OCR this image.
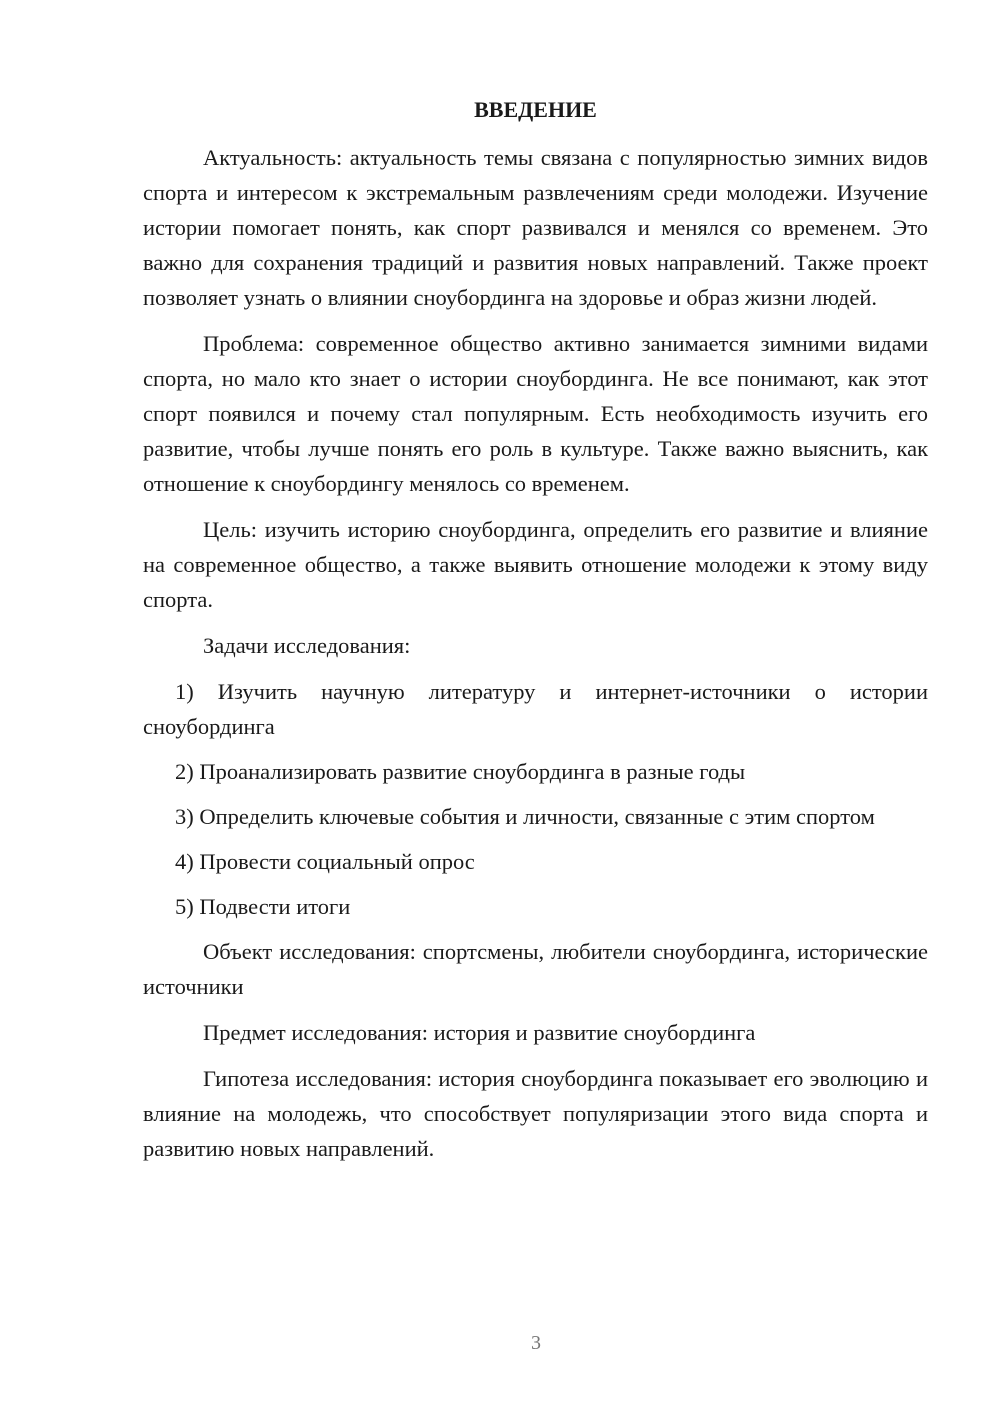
ВВЕДЕНИЕ

Актуальность: актуальность темы связана с популярностью зимних видов спорта и интересом к экстремальным развлечениям среди молодежи. Изучение истории помогает понять, как спорт развивался и менялся со временем. Это важно для сохранения традиций и развития новых направлений. Также проект позволяет узнать о влиянии сноубординга на здоровье и образ жизни людей.

Проблема: современное общество активно занимается зимними видами спорта, но мало кто знает о истории сноубординга. Не все понимают, как этот спорт появился и почему стал популярным. Есть необходимость изучить его развитие, чтобы лучше понять его роль в культуре. Также важно выяснить, как отношение к сноубордингу менялось со временем.

Цель: изучить историю сноубординга, определить его развитие и влияние на современное общество, а также выявить отношение молодежи к этому виду спорта.

Задачи исследования:

1) Изучить научную литературу и интернет-источники о истории сноубординга

2) Проанализировать развитие сноубординга в разные годы

3) Определить ключевые события и личности, связанные с этим спортом

4) Провести социальный опрос

5) Подвести итоги

Объект исследования: спортсмены, любители сноубординга, исторические источники

Предмет исследования: история и развитие сноубординга

Гипотеза исследования: история сноубординга показывает его эволюцию и влияние на молодежь, что способствует популяризации этого вида спорта и развитию новых направлений.

3
